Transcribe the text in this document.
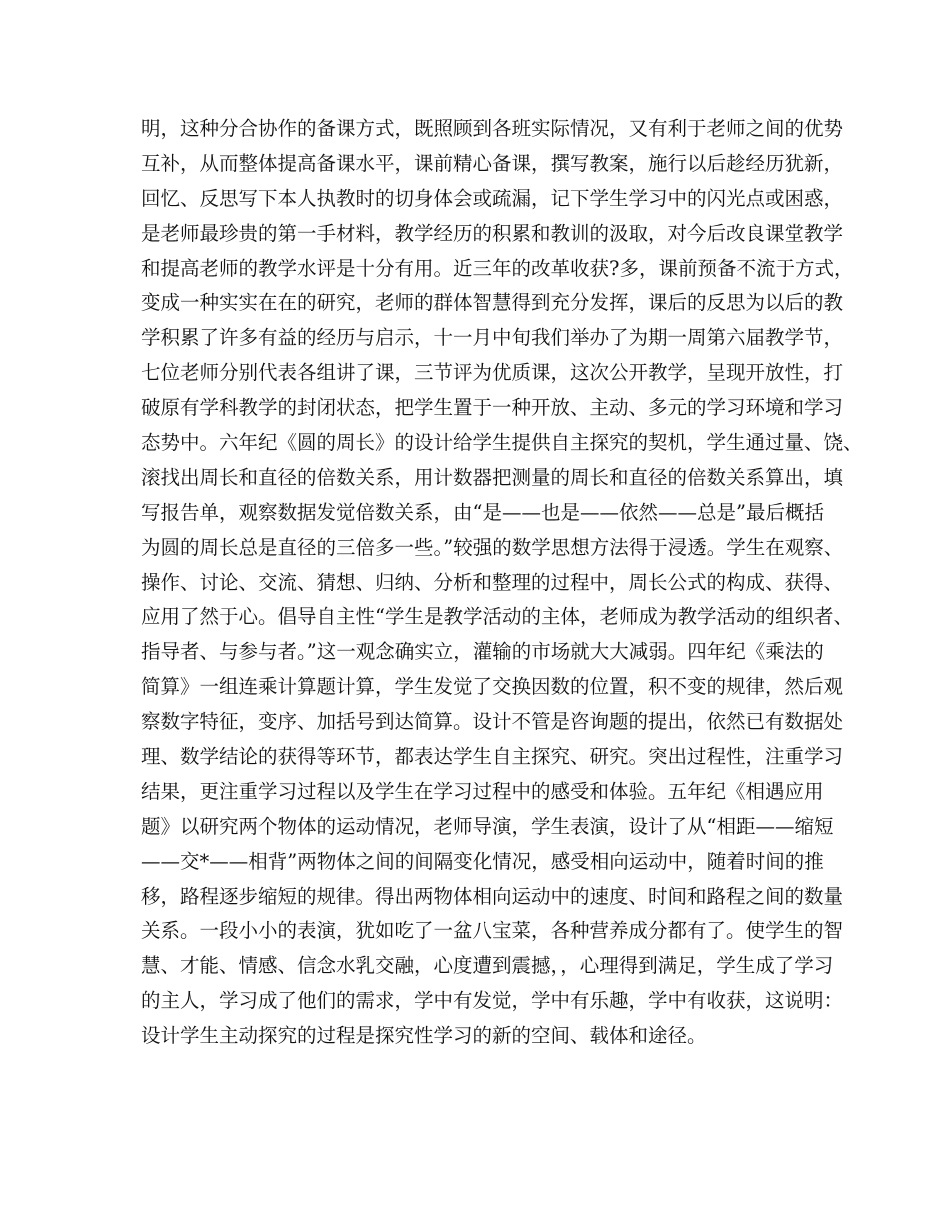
明，这种分合协作的备课方式，既照顾到各班实际情况，又有利于老师之间的优势
互补，从而整体提高备课水平，课前精心备课，撰写教案，施行以后趁经历犹新，
回忆、反思写下本人执教时的切身体会或疏漏，记下学生学习中的闪光点或困惑，
是老师最珍贵的第一手材料，教学经历的积累和教训的汲取，对今后改良课堂教学
和提高老师的教学水评是十分有用。近三年的改革收获?多，课前预备不流于方式，
变成一种实实在在的研究，老师的群体智慧得到充分发挥，课后的反思为以后的教
学积累了许多有益的经历与启示，十一月中旬我们举办了为期一周第六届教学节，
七位老师分别代表各组讲了课，三节评为优质课，这次公开教学，呈现开放性，打
破原有学科教学的封闭状态，把学生置于一种开放、主动、多元的学习环境和学习
态势中。六年纪《圆的周长》的设计给学生提供自主探究的契机，学生通过量、饶、
滚找出周长和直径的倍数关系，用计数器把测量的周长和直径的倍数关系算出，填
写报告单，观察数据发觉倍数关系，由“是——也是——依然——总是”最后概括
为圆的周长总是直径的三倍多一些。”较强的数学思想方法得于浸透。学生在观察、
操作、讨论、交流、猜想、归纳、分析和整理的过程中，周长公式的构成、获得、
应用了然于心。倡导自主性“学生是教学活动的主体，老师成为教学活动的组织者、
指导者、与参与者。”这一观念确实立，灌输的市场就大大减弱。四年纪《乘法的
简算》一组连乘计算题计算，学生发觉了交换因数的位置，积不变的规律，然后观
察数字特征，变序、加括号到达简算。设计不管是咨询题的提出，依然已有数据处
理、数学结论的获得等环节，都表达学生自主探究、研究。突出过程性，注重学习
结果，更注重学习过程以及学生在学习过程中的感受和体验。五年纪《相遇应用
题》以研究两个物体的运动情况，老师导演，学生表演，设计了从“相距——缩短
——交*——相背”两物体之间的间隔变化情况，感受相向运动中，随着时间的推
移，路程逐步缩短的规律。得出两物体相向运动中的速度、时间和路程之间的数量
关系。一段小小的表演，犹如吃了一盆八宝菜，各种营养成分都有了。使学生的智
慧、才能、情感、信念水乳交融，心度遭到震撼，，心理得到满足，学生成了学习
的主人，学习成了他们的需求，学中有发觉，学中有乐趣，学中有收获，这说明：
设计学生主动探究的过程是探究性学习的新的空间、载体和途径。
